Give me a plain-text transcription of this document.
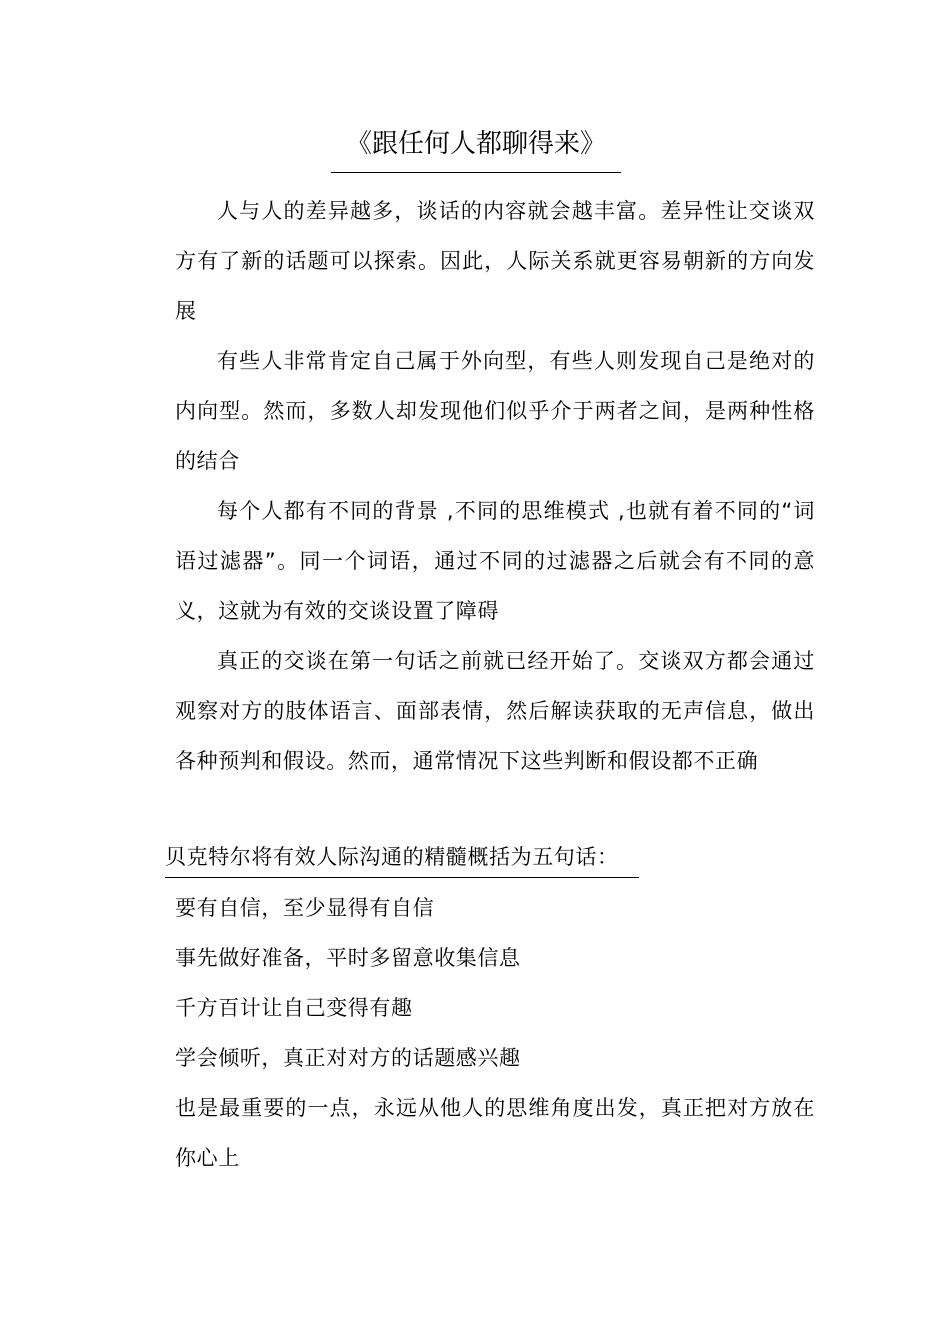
《跟任何人都聊得来》

人与人的差异越多，谈话的内容就会越丰富。差异性让交谈双方有了新的话题可以探索。因此，人际关系就更容易朝新的方向发展

有些人非常肯定自己属于外向型，有些人则发现自己是绝对的内向型。然而，多数人却发现他们似乎介于两者之间，是两种性格的结合

每个人都有不同的背景 ,不同的思维模式 ,也就有着不同的“词语过滤器”。同一个词语，通过不同的过滤器之后就会有不同的意义，这就为有效的交谈设置了障碍

真正的交谈在第一句话之前就已经开始了。交谈双方都会通过观察对方的肢体语言、面部表情，然后解读获取的无声信息，做出各种预判和假设。然而，通常情况下这些判断和假设都不正确

贝克特尔将有效人际沟通的精髓概括为五句话：

要有自信，至少显得有自信

事先做好准备，平时多留意收集信息

千方百计让自己变得有趣

学会倾听，真正对对方的话题感兴趣

也是最重要的一点，永远从他人的思维角度出发，真正把对方放在你心上
